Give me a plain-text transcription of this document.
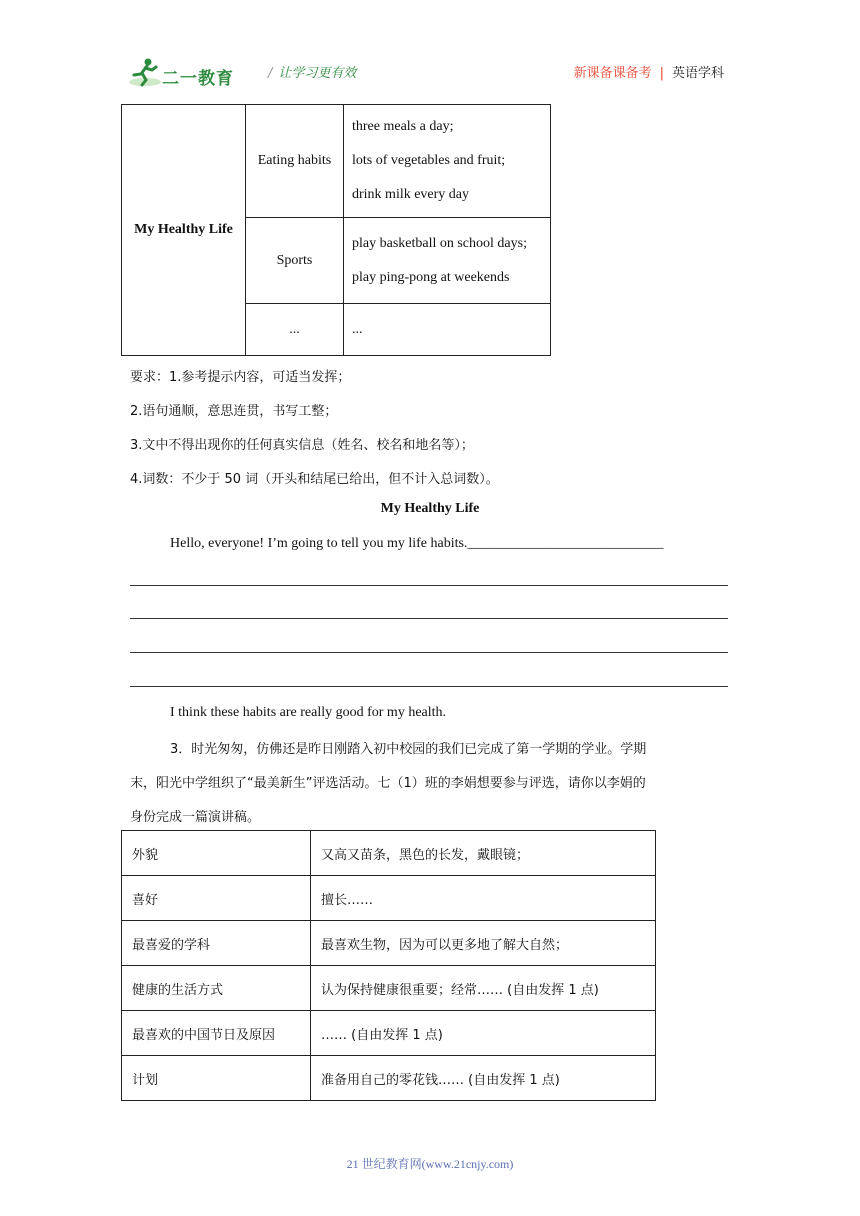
二一教育	/ 让学习更有效	新课备课备考 | 英语学科
My Healthy Life	Eating habits	three meals a day;
lots of vegetables and fruit;
drink milk every day

	Sports	play basketball on school days;
play ping-pong at weekends

	...	...
要求：1.参考提示内容，可适当发挥；
2.语句通顺，意思连贯，书写工整；
3.文中不得出现你的任何真实信息（姓名、校名和地名等）；
4.词数：不少于 50 词（开头和结尾已给出，但不计入总词数）。
My Healthy Life
Hello, everyone! I’m going to tell you my life habits.____________________________
I think these habits are really good for my health.
3．时光匆匆，仿佛还是昨日刚踏入初中校园的我们已完成了第一学期的学业。学期
末，阳光中学组织了“最美新生”评选活动。七（1）班的李娟想要参与评选，请你以李娟的
身份完成一篇演讲稿。
外貌	又高又苗条，黑色的长发，戴眼镜；
喜好	擅长……
最喜爱的学科	最喜欢生物，因为可以更多地了解大自然；
健康的生活方式	认为保持健康很重要；经常…… (自由发挥 1 点)
最喜欢的中国节日及原因	…… (自由发挥 1 点)
计划	准备用自己的零花钱…… (自由发挥 1 点)
21 世纪教育网(www.21cnjy.com)
